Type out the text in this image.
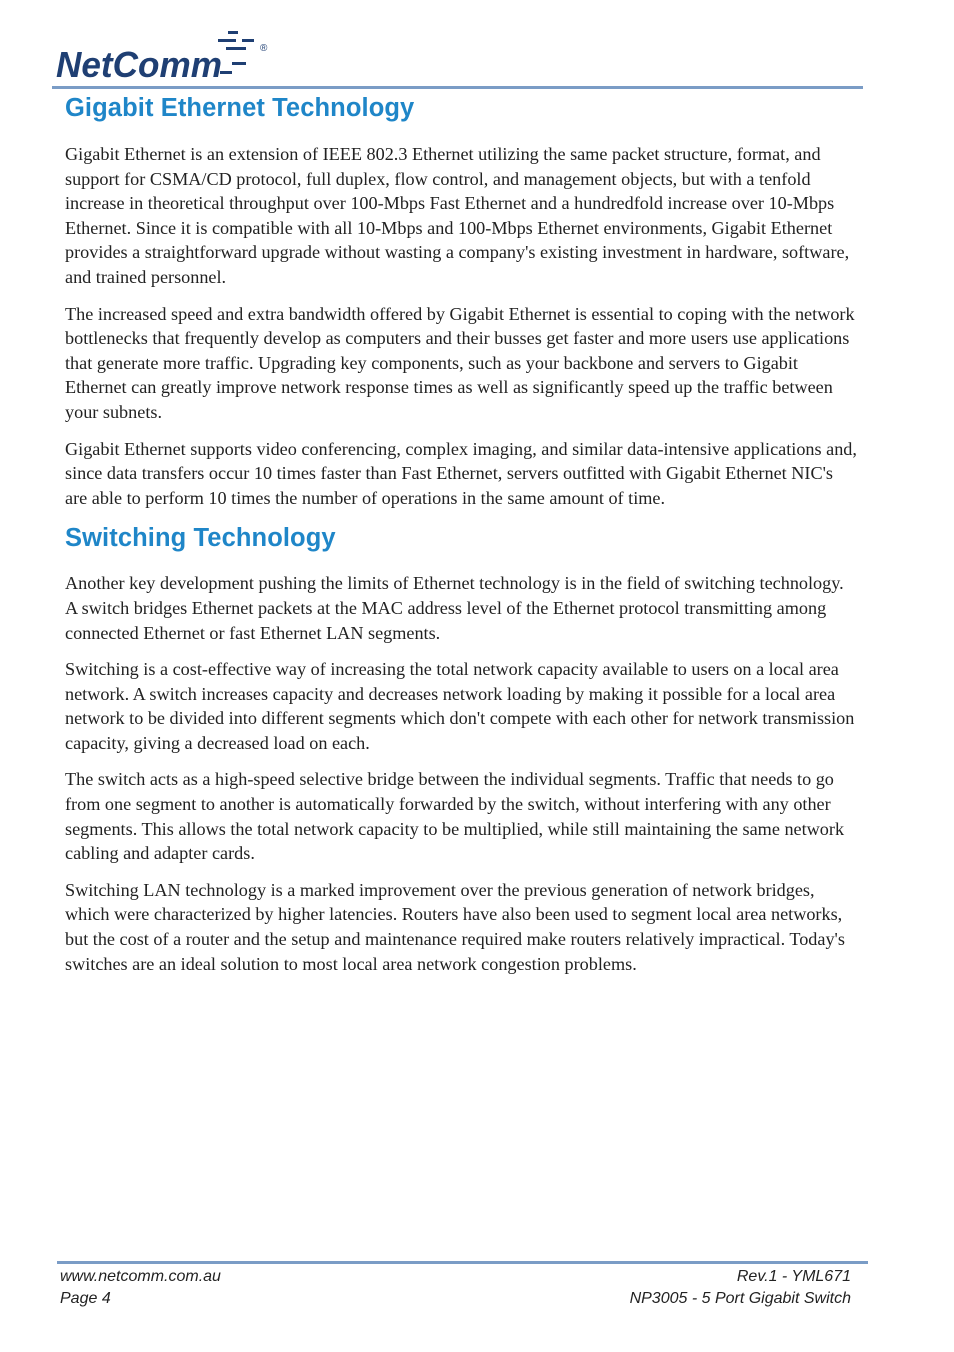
NetComm	®
Gigabit Ethernet Technology

Gigabit Ethernet is an extension of IEEE 802.3 Ethernet utilizing the same packet structure, format, and support for CSMA/CD protocol, full duplex, flow control, and management objects, but with a tenfold increase in theoretical throughput over 100-Mbps Fast Ethernet and a hundredfold increase over 10-Mbps Ethernet. Since it is compatible with all 10-Mbps and 100-Mbps Ethernet environments, Gigabit Ethernet provides a straightforward upgrade without wasting a company's existing investment in hardware, software, and trained personnel.

The increased speed and extra bandwidth offered by Gigabit Ethernet is essential to coping with the network bottlenecks that frequently develop as computers and their busses get faster and more users use applications that generate more traffic. Upgrading key components, such as your backbone and servers to Gigabit Ethernet can greatly improve network response times as well as significantly speed up the traffic between your subnets.

Gigabit Ethernet supports video conferencing, complex imaging, and similar data-intensive applications and, since data transfers occur 10 times faster than Fast Ethernet, servers outfitted with Gigabit Ethernet NIC's are able to perform 10 times the number of operations in the same amount of time.

Switching Technology

Another key development pushing the limits of Ethernet technology is in the field of switching technology. A switch bridges Ethernet packets at the MAC address level of the Ethernet protocol transmitting among connected Ethernet or fast Ethernet LAN segments.

Switching is a cost-effective way of increasing the total network capacity available to users on a local area network. A switch increases capacity and decreases network loading by making it possible for a local area network to be divided into different segments which don't compete with each other for network transmission capacity, giving a decreased load on each.

The switch acts as a high-speed selective bridge between the individual segments. Traffic that needs to go from one segment to another is automatically forwarded by the switch, without interfering with any other segments. This allows the total network capacity to be multiplied, while still maintaining the same network cabling and adapter cards.

Switching LAN technology is a marked improvement over the previous generation of network bridges, which were characterized by higher latencies. Routers have also been used to segment local area networks, but the cost of a router and the setup and maintenance required make routers relatively impractical. Today's switches are an ideal solution to most local area network congestion problems.

www.netcomm.com.au
Page 4
Rev.1 - YML671
NP3005 - 5 Port Gigabit Switch
